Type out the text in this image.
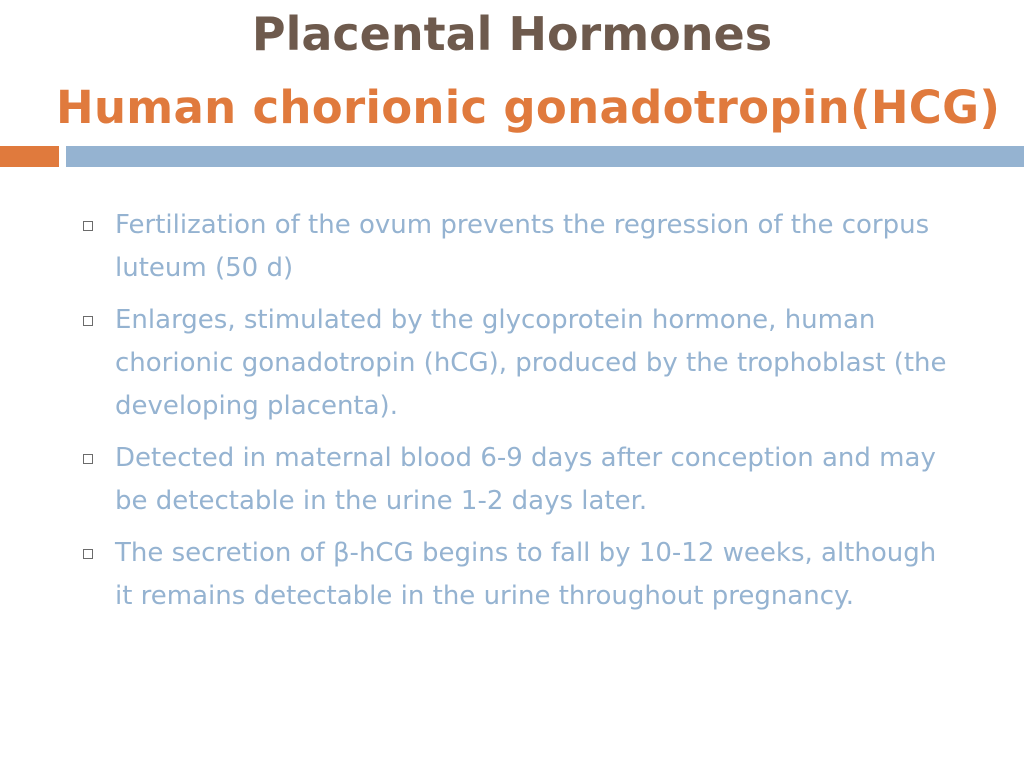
Placental Hormones
Human chorionic gonadotropin(HCG)
Fertilization of the ovum prevents the regression of the corpus luteum (50 d)
Enlarges, stimulated by the glycoprotein hormone, human chorionic gonadotropin (hCG), produced by the trophoblast (the developing placenta).
Detected in maternal blood 6-9 days after conception and may be detectable in the urine 1-2 days later.
The secretion of β-hCG begins to fall by 10-12 weeks, although it remains detectable in the urine throughout pregnancy.
